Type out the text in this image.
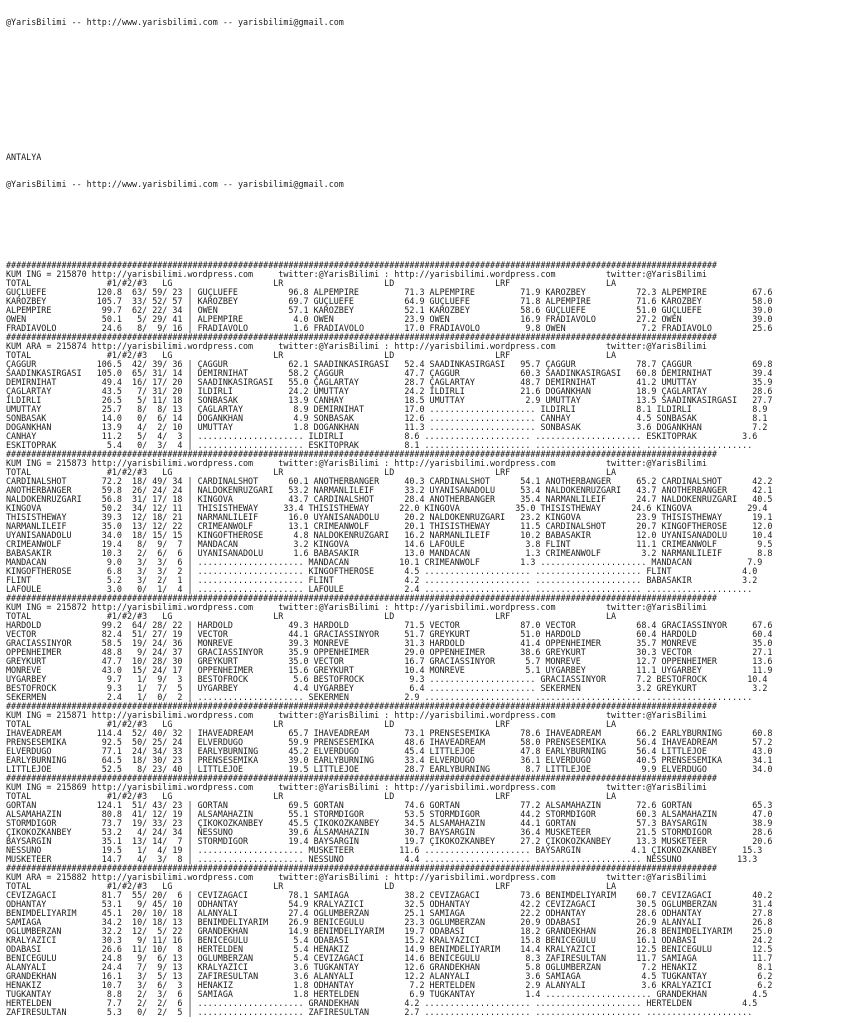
@YarisBilimi -- http://www.yarisbilimi.com -- yarisbilimi@gmail.com

ANTALYA

@YarisBilimi -- http://www.yarisbilimi.com -- yarisbilimi@gmail.com

#############################################################################################################################################
KUM ING = 215870 http://yarisbilimi.wordpress.com     twitter:@YarisBilimi : http://yarisbilimi.wordpress.com          twitter:@YarisBilimi
TOTAL               #1/#2/#3   LG                    LR                    LD                    LRF                   LA
GÜÇLÜEFE          120.8  63/ 59/ 23 | GÜÇLÜEFE          96.8 ALPEMPIRE         71.3 ALPEMPIRE         71.9 KAROZBEY          72.3 ALPEMPIRE         67.6
KAROZBEY          105.7  33/ 52/ 57 | KAROZBEY          69.7 GÜÇLÜEFE          64.9 GÜÇLÜEFE          71.8 ALPEMPIRE         71.6 KAROZBEY          58.0
ALPEMPIRE          99.7  62/ 22/ 34 | OWEN              57.1 KAROZBEY          52.1 KAROZBEY          58.6 GÜÇLÜEFE          51.0 GÜÇLÜEFE          39.0
OWEN               50.1   5/ 29/ 41 | ALPEMPIRE          4.0 OWEN              23.9 OWEN              16.9 FRADIAVOLO        27.2 OWEN              39.0
FRADIAVOLO         24.6   8/  9/ 16 | FRADIAVOLO         1.6 FRADIAVOLO        17.0 FRADIAVOLO         9.8 OWEN               7.2 FRADIAVOLO        25.6
#############################################################################################################################################
KUM ARA = 215874 http://yarisbilimi.wordpress.com     twitter:@YarisBilimi : http://yarisbilimi.wordpress.com          twitter:@YarisBilimi
TOTAL               #1/#2/#3   LG                    LR                    LD                    LRF                   LA
ÇAGGÜR            106.5  42/ 39/ 36 | ÇAGGÜR            62.1 SAADINKASIRGASI   52.4 SAADINKASIRGASI   95.7 ÇAGGÜR            78.7 ÇAGGÜR            69.8
SAADINKASIRGASI   105.0  65/ 31/ 14 | DEMIRNIHAT        58.2 ÇAGGÜR            47.7 ÇAGGÜR            60.3 SAADINKASIRGASI   60.8 DEMIRNIHAT        39.4
DEMIRNIHAT         49.4  16/ 17/ 20 | SAADINKASIRGASI   55.0 ÇAGLARTAY         28.7 ÇAGLARTAY         48.7 DEMIRNIHAT        41.2 UMUTTAY           35.9
ÇAGLARTAY          43.5   7/ 31/ 20 | ILDIRLI           24.2 UMUTTAY           24.2 ILDIRLI           21.6 DOGANKHAN         18.9 ÇAGLARTAY         28.6
ILDIRLI            26.5   5/ 11/ 18 | SONBASAK          13.9 CANHAY            18.5 UMUTTAY            2.9 UMUTTAY           13.5 SAADINKASIRGASI   27.7
UMUTTAY            25.7   8/  8/ 13 | ÇAGLARTAY          8.9 DEMIRNIHAT        17.0 ..................... ILDIRLI            8.1 ILDIRLI            8.9
SONBASAK           14.0   0/  6/ 14 | DOGANKHAN          4.9 SONBASAK          12.6 ..................... CANHAY             4.5 SONBASAK           8.1
DOGANKHAN          13.9   4/  2/ 10 | UMUTTAY            1.8 DOGANKHAN         11.3 ..................... SONBASAK           3.6 DOGANKHAN          7.2
CANHAY             11.2   5/  4/  3 | ..................... ILDIRLI            8.6 ..................... ..................... ESKITOPRAK         3.6
ESKITOPRAK          5.4   0/  3/  4 | ..................... ESKITOPRAK         8.1 ..................... ..................... .....................
#############################################################################################################################################
KUM ING = 215873 http://yarisbilimi.wordpress.com     twitter:@YarisBilimi : http://yarisbilimi.wordpress.com          twitter:@YarisBilimi
TOTAL               #1/#2/#3   LG                    LR                    LD                    LRF                   LA
CARDINALSHOT       72.2  18/ 49/ 34 | CARDINALSHOT      60.1 ANOTHERBANGER     40.3 CARDINALSHOT      54.1 ANOTHERBANGER     65.2 CARDINALSHOT      42.2
ANOTHERBANGER      59.8  26/ 24/ 24 | NALDÖKENRÜZGARI   53.2 NARMANLILEIF      33.2 UYANISANADOLU     53.4 NALDÖKENRÜZGARI   43.7 ANOTHERBANGER     42.1
NALDÖKENRÜZGARI    56.8  31/ 17/ 18 | KINGOVA           43.7 CARDINALSHOT      28.4 ANOTHERBANGER     35.4 NARMANLILEIF      24.7 NALDÖKENRÜZGARI   40.5
KINGOVA            50.2  34/ 12/ 11 | THISISTHEWAY     33.4 THISISTHEWAY      22.0 KINGOVA           35.0 THISISTHEWAY      24.6 KINGOVA           29.4
THISISTHEWAY       39.3  12/ 18/ 21 | NARMANLILEIF      16.0 UYANISANADOLU     20.2 NALDÖKENRÜZGARI   23.2 KINGOVA           23.9 THISISTHEWAY      19.1
NARMANLILEIF       35.0  13/ 12/ 22 | CRIMEANWOLF       13.1 CRIMEANWOLF       20.1 THISISTHEWAY      11.5 CARDINALSHOT      20.7 KINGOFTHEROSE     12.0
UYANISANADOLU      34.0  18/ 15/ 15 | KINGOFTHEROSE      4.8 NALDÖKENRÜZGARI   16.2 NARMANLILEIF      10.2 BABASAKIR         12.0 UYANISANADOLU     10.4
CRIMEANWOLF        19.4   8/  9/  7 | MANDACAN           3.2 KINGOVA           14.6 LAFOULE            3.8 FLINT             11.1 CRIMEANWOLF        9.5
BABASAKIR          10.3   2/  6/  6 | UYANISANADOLU      1.6 BABASAKIR         13.0 MANDACAN           1.3 CRIMEANWOLF        3.2 NARMANLILEIF       8.8
MANDACAN            9.0   3/  3/  6 | ..................... MANDACAN          10.1 CRIMEANWOLF        1.3 ..................... MANDACAN           7.9
KINGOFTHEROSE       6.8   3/  3/  2 | ..................... KINGOFTHEROSE      4.5 ..................... ..................... FLINT              4.0
FLINT               5.2   3/  2/  1 | ..................... FLINT              4.2 ..................... ..................... BABASAKIR          3.2
LAFOULE             3.0   0/  1/  4 | ..................... LAFOULE            2.4 ..................... ..................... .....................
#############################################################################################################################################
KUM ING = 215872 http://yarisbilimi.wordpress.com     twitter:@YarisBilimi : http://yarisbilimi.wordpress.com          twitter:@YarisBilimi
TOTAL               #1/#2/#3   LG                    LR                    LD                    LRF                   LA
HARDOLD            99.2  64/ 28/ 22 | HARDOLD           49.3 HARDOLD           71.5 VECTOR            87.0 VECTOR            68.4 GRACIASSINYOR     67.6
VECTOR             82.4  51/ 27/ 19 | VECTOR            44.1 GRACIASSINYOR     51.7 GREYKURT          51.0 HARDOLD           60.4 HARDOLD           60.4
GRACIASSINYOR      58.5  19/ 24/ 36 | MONREVE           39.3 MONREVE           31.3 HARDOLD           41.4 OPPENHEIMER       35.7 MONREVE           35.0
OPPENHEIMER        48.8   9/ 24/ 37 | GRACIASSINYOR     35.9 OPPENHEIMER       29.0 OPPENHEIMER       38.6 GREYKURT          30.3 VECTOR            27.1
GREYKURT           47.7  10/ 28/ 30 | GREYKURT          35.0 VECTOR            16.7 GRACIASSINYOR      5.7 MONREVE           12.7 OPPENHEIMER       13.6
MONREVE            43.0  15/ 24/ 17 | OPPENHEIMER       15.6 GREYKURT          10.4 MONREVE            5.1 UYGARBEY          11.1 UYGARBEY          11.9
UYGARBEY            9.7   1/  9/  3 | BESTOFROCK         5.6 BESTOFROCK         9.3 ..................... GRACIASSINYOR      7.2 BESTOFROCK        10.4
BESTOFROCK          9.3   1/  7/  5 | UYGARBEY           4.4 UYGARBEY           6.4 ..................... SEKERMEN           3.2 GREYKURT           3.2
SEKERMEN            2.4   1/  0/  2 | ..................... SEKERMEN           2.9 ..................... ..................... .....................
#############################################################################################################################################
KUM ING = 215871 http://yarisbilimi.wordpress.com     twitter:@YarisBilimi : http://yarisbilimi.wordpress.com          twitter:@YarisBilimi
TOTAL               #1/#2/#3   LG                    LR                    LD                    LRF                   LA
IHAVEADREAM       114.4  52/ 40/ 32 | IHAVEADREAM       65.7 IHAVEADREAM       73.1 PRENSESEMIKA      78.6 IHAVEADREAM       66.2 EARLYBURNING      60.8
PRENSESEMIKA       92.5  50/ 25/ 24 | ELVERDUGO         59.9 PRENSESEMIKA      48.6 IHAVEADREAM       58.0 PRENSESEMIKA      56.4 IHAVEADREAM       57.2
ELVERDUGO          77.1  24/ 34/ 33 | EARLYBURNING      45.2 ELVERDUGO         45.4 LITTLEJOE         47.8 EARLYBURNING      56.4 LITTLEJOE         43.0
EARLYBURNING       64.5  18/ 30/ 23 | PRENSESEMIKA      39.0 EARLYBURNING      33.4 ELVERDUGO         36.1 ELVERDUGO         40.5 PRENSESEMIKA      34.1
LITTLEJOE          52.5   8/ 23/ 40 | LITTLEJOE         19.5 LITTLEJOE         28.7 EARLYBURNING       8.7 LITTLEJOE          9.9 ELVERDUGO         34.0
#############################################################################################################################################
KUM ING = 215869 http://yarisbilimi.wordpress.com     twitter:@YarisBilimi : http://yarisbilimi.wordpress.com          twitter:@YarisBilimi
TOTAL               #1/#2/#3   LG                    LR                    LD                    LRF                   LA
GORTAN            124.1  51/ 43/ 23 | GORTAN            69.5 GORTAN            74.6 GORTAN            77.2 ALSAMAHAZIN       72.6 GORTAN            65.3
ALSAMAHAZIN        80.8  41/ 12/ 19 | ALSAMAHAZIN       55.1 STORMDIGOR        53.5 STORMDIGOR        44.2 STORMDIGOR        60.3 ALSAMAHAZIN       47.0
STORMDIGOR         73.7  19/ 33/ 23 | ÇIKOKÖZKANBEY     45.5 ÇIKOKÖZKANBEY     34.5 ALSAMAHAZIN       44.1 GORTAN            57.3 BAYSARGIN         38.9
ÇIKOKÖZKANBEY      53.2   4/ 24/ 34 | NESSUNO           39.6 ALSAMAHAZIN       30.7 BAYSARGIN         36.4 MUSKETEER         21.5 STORMDIGOR        28.6
BAYSARGIN          35.1  13/ 14/  7 | STORMDIGOR        19.4 BAYSARGIN         19.7 ÇIKOKÖZKANBEY     27.2 ÇIKOKÖZKANBEY     13.3 MUSKETEER         20.6
NESSUNO            19.5   1/  4/ 19 | ..................... MUSKETEER         11.6 ..................... BAYSARGIN          4.1 ÇIKOKÖZKANBEY     15.3
MUSKETEER          14.7   4/  3/  8 | ..................... NESSUNO            4.4 ..................... ..................... NESSUNO           13.3
#############################################################################################################################################
KUM ARA = 215882 http://yarisbilimi.wordpress.com     twitter:@YarisBilimi : http://yarisbilimi.wordpress.com          twitter:@YarisBilimi
TOTAL               #1/#2/#3   LG                    LR                    LD                    LRF                   LA
CEVIZAGACI         81.7  55/ 20/  6 | CEVIZAGACI        78.1 SAMIAGA           38.2 CEVIZAGACI        73.6 BENIMDELIYARIM    60.7 CEVIZAGACI        40.2
ODHANTAY           53.1   9/ 45/ 10 | ODHANTAY          54.9 KRALYAZICI        32.5 ODHANTAY          42.2 CEVIZAGACI        30.5 OGLUMBERZAN       31.4
BENIMDELIYARIM     45.1  20/ 10/ 18 | ALANYALI          27.4 OGLUMBERZAN       25.1 SAMIAGA           22.2 ODHANTAY          28.6 ODHANTAY          27.8
SAMIAGA            34.2  10/ 18/ 13 | BENIMDELIYARIM    26.9 BENICEGÜLÜ        23.3 OGLUMBERZAN       20.9 ODABASI           26.9 ALANYALI          26.8
OGLUMBERZAN        32.2  12/  5/ 22 | GRANDEKHAN        14.9 BENIMDELIYARIM    19.7 ODABASI           18.2 GRANDEKHAN        26.8 BENIMDELIYARIM    25.0
KRALYAZICI         30.3   9/ 11/ 16 | BENICEGÜLÜ         5.4 ODABASI           15.2 KRALYAZICI        15.8 BENICEGÜLÜ        16.1 ODABASI           24.2
ODABASI            26.6  11/ 10/  8 | HERTELDEN          5.4 HENAKIZ           14.9 BENIMDELIYARIM    14.4 KRALYAZICI        12.5 BENICEGÜLÜ        12.5
BENICEGÜLÜ         24.8   9/  6/ 13 | OGLUMBERZAN        5.4 CEVIZAGACI        14.6 BENICEGÜLÜ         8.3 ZAFIRESULTAN      11.7 SAMIAGA           11.7
ALANYALI           24.4   7/  9/ 13 | KRALYAZICI         3.6 TUGKANTAY         12.6 GRANDEKHAN         5.8 OGLUMBERZAN        7.2 HENAKIZ            8.1
GRANDEKHAN         16.1   3/  5/ 13 | ZAFIRESULTAN       3.6 ALANYALI          12.2 ALANYALI           3.6 SAMIAGA            4.5 TUGKANTAY          6.2
HENAKIZ            10.7   3/  6/  3 | HENAKIZ            1.8 ODHANTAY           7.2 HERTELDEN          2.9 ALANYALI           3.6 KRALYAZICI         6.2
TUGKANTAY           8.8   2/  3/  6 | SAMIAGA            1.8 HERTELDEN          6.9 TUGKANTAY          1.4 ..................... GRANDEKHAN         4.5
HERTELDEN           7.7   2/  2/  6 | ..................... GRANDEKHAN         4.2 ..................... ..................... HERTELDEN          4.5
ZAFIRESULTAN        5.3   0/  2/  5 | ..................... ZAFIRESULTAN       2.7 ..................... ..................... .....................
